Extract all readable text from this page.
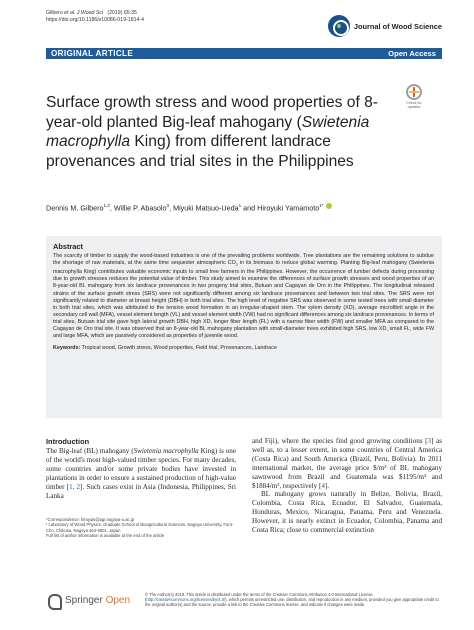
Gilbero et al. J Wood Sci (2019) 65:35
https://doi.org/10.1186/s10086-019-1814-4
Journal of Wood Science
ORIGINAL ARTICLE	Open Access
Check for updates
Surface growth stress and wood properties of 8-year-old planted Big-leaf mahogany (Swietenia macrophylla King) from different landrace provenances and trial sites in the Philippines
Dennis M. Gilbero$^{1,2}$, Willie P. Abasolo$^3$, Miyuki Matsuo-Ueda$^1$ and Hiroyuki Yamamoto$^{1*}$
Abstract
The scarcity of timber to supply the wood-based industries is one of the prevailing problems worldwide. Tree plantations are the remaining solutions to subdue the shortage of raw materials, at the same time sequester atmospheric $CO_2$ in its biomass to reduce global warming. Planting Big-leaf mahogany (Swietenia macrophylla King) contributes valuable economic inputs to small tree farmers in the Philippines. However, the occurrence of lumber defects during processing due to growth stresses reduces the potential value of timber. This study aimed to examine the differences of surface growth stresses and wood properties of an 8-year-old BL mahogany from six landrace provenances in two progeny trial sites, Butuan and Cagayan de Oro in the Philippines. The longitudinal released strains of the surface growth stress (SRS) were not significantly different among six landrace provenances and between two trial sites. The SRS were not significantly related to diameter at breast height (DBH) in both trial sites. The high level of negative SRS was observed in some tested trees with small diameter in both trial sites, which was attributed to the tension wood formation in an irregular-shaped stem. The xylem density (XD), average microfibril angle in the secondary cell wall (MFA), vessel element length (VL) and vessel element width (VW) had no significant differences among six landrace provenances. In terms of trial sites, Butuan trial site gave high lateral growth DBH, high XD, longer fiber length (FL) with a narrow fiber width (FW) and smaller MFA as compared to the Cagayan de Oro trial site. It was observed that an 8-year-old BL mahogany plantation with small-diameter trees exhibited high SRS, low XD, small FL, wide FW and large MFA, which are passively considered as properties of juvenile wood.
Keywords: Tropical wood, Growth stress, Wood properties, Field trial, Provenances, Landrace
Introduction
The Big-leaf (BL) mahogany (Swietenia macrophylla King) is one of the world's most high-valued timber species. For many decades, some countries and/or some private bodies have invested in plantations in order to ensure a sustained production of high-value timber [1, 2]. Such cases exist in Asia (Indonesia, Philippines, Sri Lanka
*Correspondence: hiroyuki@agr.nagoya-u.ac.jp
¹ Laboratory of Wood Physics, Graduate School of Bioagricultural Sciences, Nagoya University, Furo-Cho, Chikusa, Nagoya 464-8601, Japan
Full list of author information is available at the end of the article
and Fiji), where the species find good growing conditions [3] as well as, to a lesser extent, in some countries of Central America (Costa Rica) and South America (Brazil, Peru, Bolivia). In 2011 international market, the average price $/m³ of BL mahogany sawnwood from Brazil and Guatemala was $1195/m³ and $1884/m³, respectively [4].
BL mahogany grows naturally in Belize, Bolivia, Brazil, Colombia, Costa Rica, Ecuador, El Salvador, Guatemala, Honduras, Mexico, Nicaragua, Panama, Peru and Venezuela. However, it is nearly extinct in Ecuador, Colombia, Panama and Costa Rica; close to commercial extinction
Springer Open
© The Author(s) 2019. This article is distributed under the terms of the Creative Commons Attribution 4.0 International License (http://creativecommons.org/licenses/by/4.0/), which permits unrestricted use, distribution, and reproduction in any medium, provided you give appropriate credit to the original author(s) and the source, provide a link to the Creative Commons license, and indicate if changes were made.
